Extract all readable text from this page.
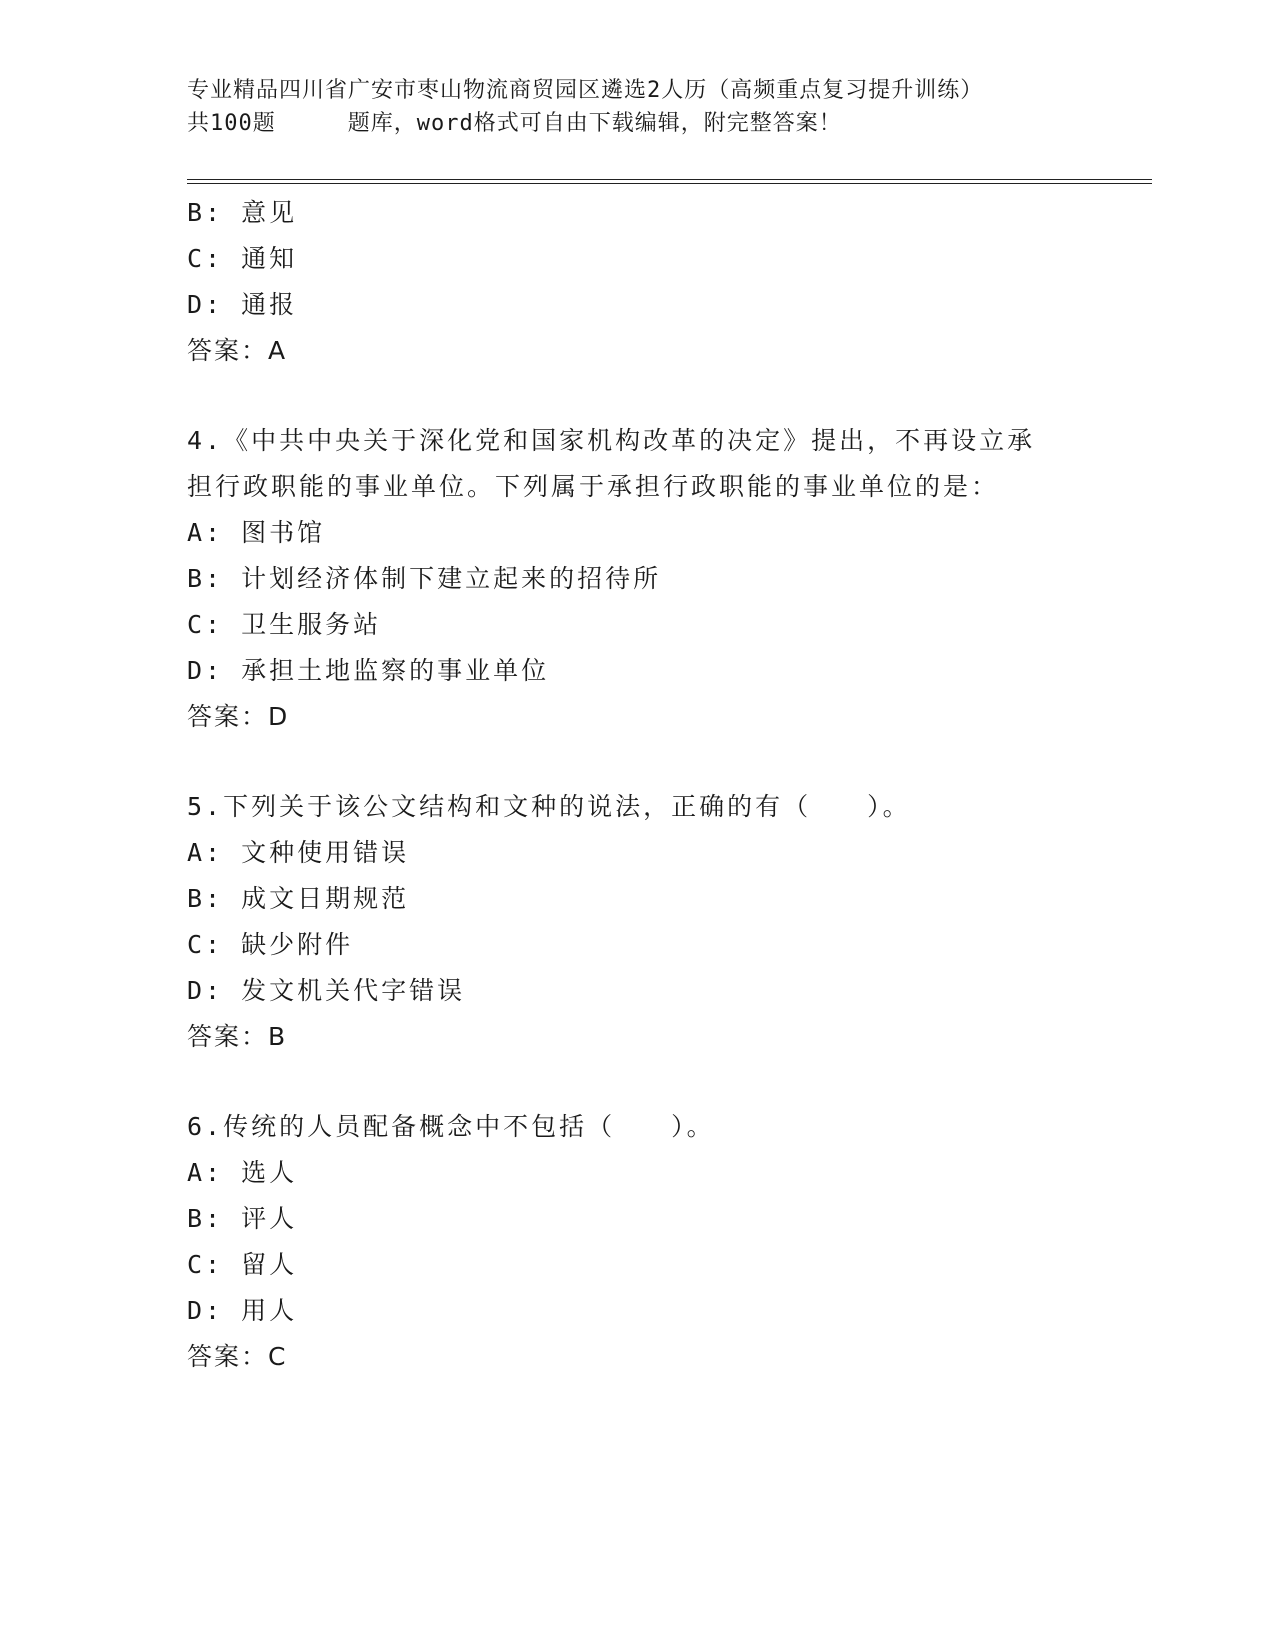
专业精品四川省广安市枣山物流商贸园区遴选2人历（高频重点复习提升训练）
共100题	题库，word格式可自由下载编辑，附完整答案！
B: 意见
C: 通知
D: 通报
答案：A
4.《中共中央关于深化党和国家机构改革的决定》提出，不再设立承
担行政职能的事业单位。下列属于承担行政职能的事业单位的是：
A: 图书馆
B: 计划经济体制下建立起来的招待所
C: 卫生服务站
D: 承担土地监察的事业单位
答案：D
5.下列关于该公文结构和文种的说法，正确的有（　　）。
A: 文种使用错误
B: 成文日期规范
C: 缺少附件
D: 发文机关代字错误
答案：B
6.传统的人员配备概念中不包括（　　）。
A: 选人
B: 评人
C: 留人
D: 用人
答案：C
